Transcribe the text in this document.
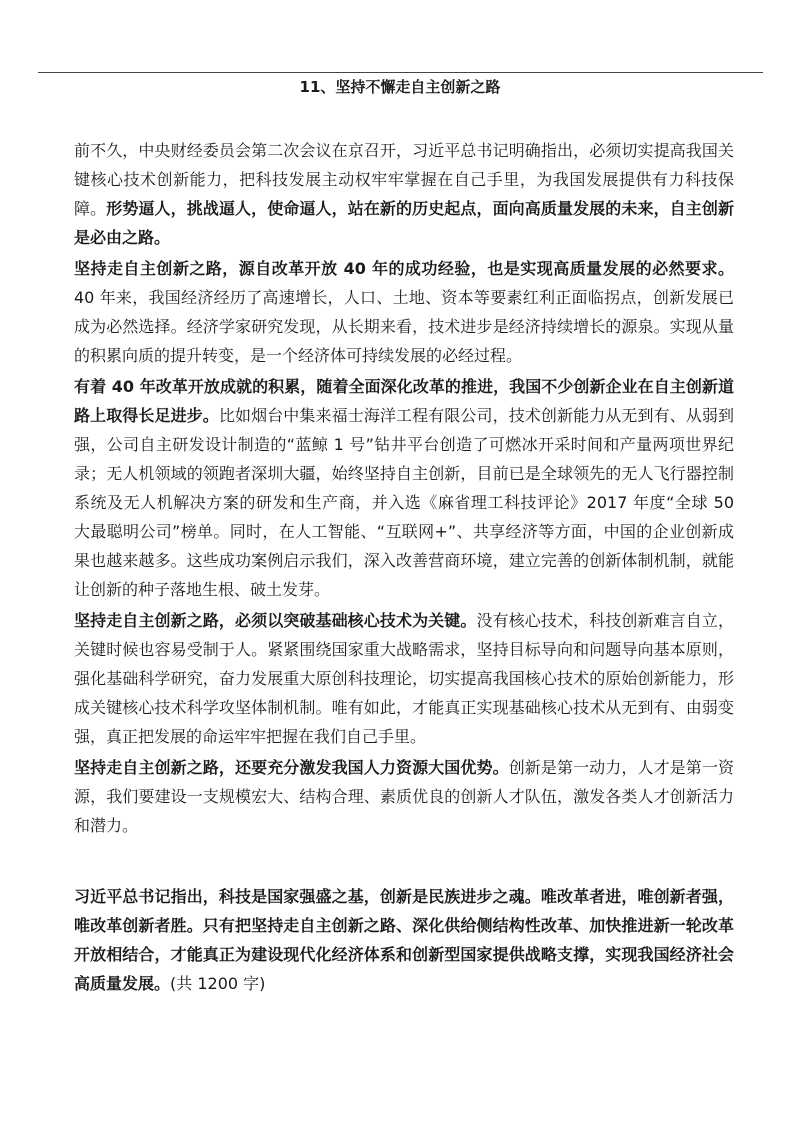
11、坚持不懈走自主创新之路

前不久，中央财经委员会第二次会议在京召开，习近平总书记明确指出，必须切实提高我国关键核心技术创新能力，把科技发展主动权牢牢掌握在自己手里，为我国发展提供有力科技保障。形势逼人，挑战逼人，使命逼人，站在新的历史起点，面向高质量发展的未来，自主创新是必由之路。

坚持走自主创新之路，源自改革开放 40 年的成功经验，也是实现高质量发展的必然要求。40 年来，我国经济经历了高速增长，人口、土地、资本等要素红利正面临拐点，创新发展已成为必然选择。经济学家研究发现，从长期来看，技术进步是经济持续增长的源泉。实现从量的积累向质的提升转变，是一个经济体可持续发展的必经过程。

有着 40 年改革开放成就的积累，随着全面深化改革的推进，我国不少创新企业在自主创新道路上取得长足进步。比如烟台中集来福士海洋工程有限公司，技术创新能力从无到有、从弱到强，公司自主研发设计制造的“蓝鲸 1 号”钻井平台创造了可燃冰开采时间和产量两项世界纪录；无人机领域的领跑者深圳大疆，始终坚持自主创新，目前已是全球领先的无人飞行器控制系统及无人机解决方案的研发和生产商，并入选《麻省理工科技评论》2017 年度“全球 50 大最聪明公司”榜单。同时，在人工智能、“互联网+”、共享经济等方面，中国的企业创新成果也越来越多。这些成功案例启示我们，深入改善营商环境，建立完善的创新体制机制，就能让创新的种子落地生根、破土发芽。

坚持走自主创新之路，必须以突破基础核心技术为关键。没有核心技术，科技创新难言自立，关键时候也容易受制于人。紧紧围绕国家重大战略需求，坚持目标导向和问题导向基本原则，强化基础科学研究，奋力发展重大原创科技理论，切实提高我国核心技术的原始创新能力，形成关键核心技术科学攻坚体制机制。唯有如此，才能真正实现基础核心技术从无到有、由弱变强，真正把发展的命运牢牢把握在我们自己手里。

坚持走自主创新之路，还要充分激发我国人力资源大国优势。创新是第一动力，人才是第一资源，我们要建设一支规模宏大、结构合理、素质优良的创新人才队伍，激发各类人才创新活力和潜力。

习近平总书记指出，科技是国家强盛之基，创新是民族进步之魂。唯改革者进，唯创新者强，唯改革创新者胜。只有把坚持走自主创新之路、深化供给侧结构性改革、加快推进新一轮改革开放相结合，才能真正为建设现代化经济体系和创新型国家提供战略支撑，实现我国经济社会高质量发展。(共 1200 字)
